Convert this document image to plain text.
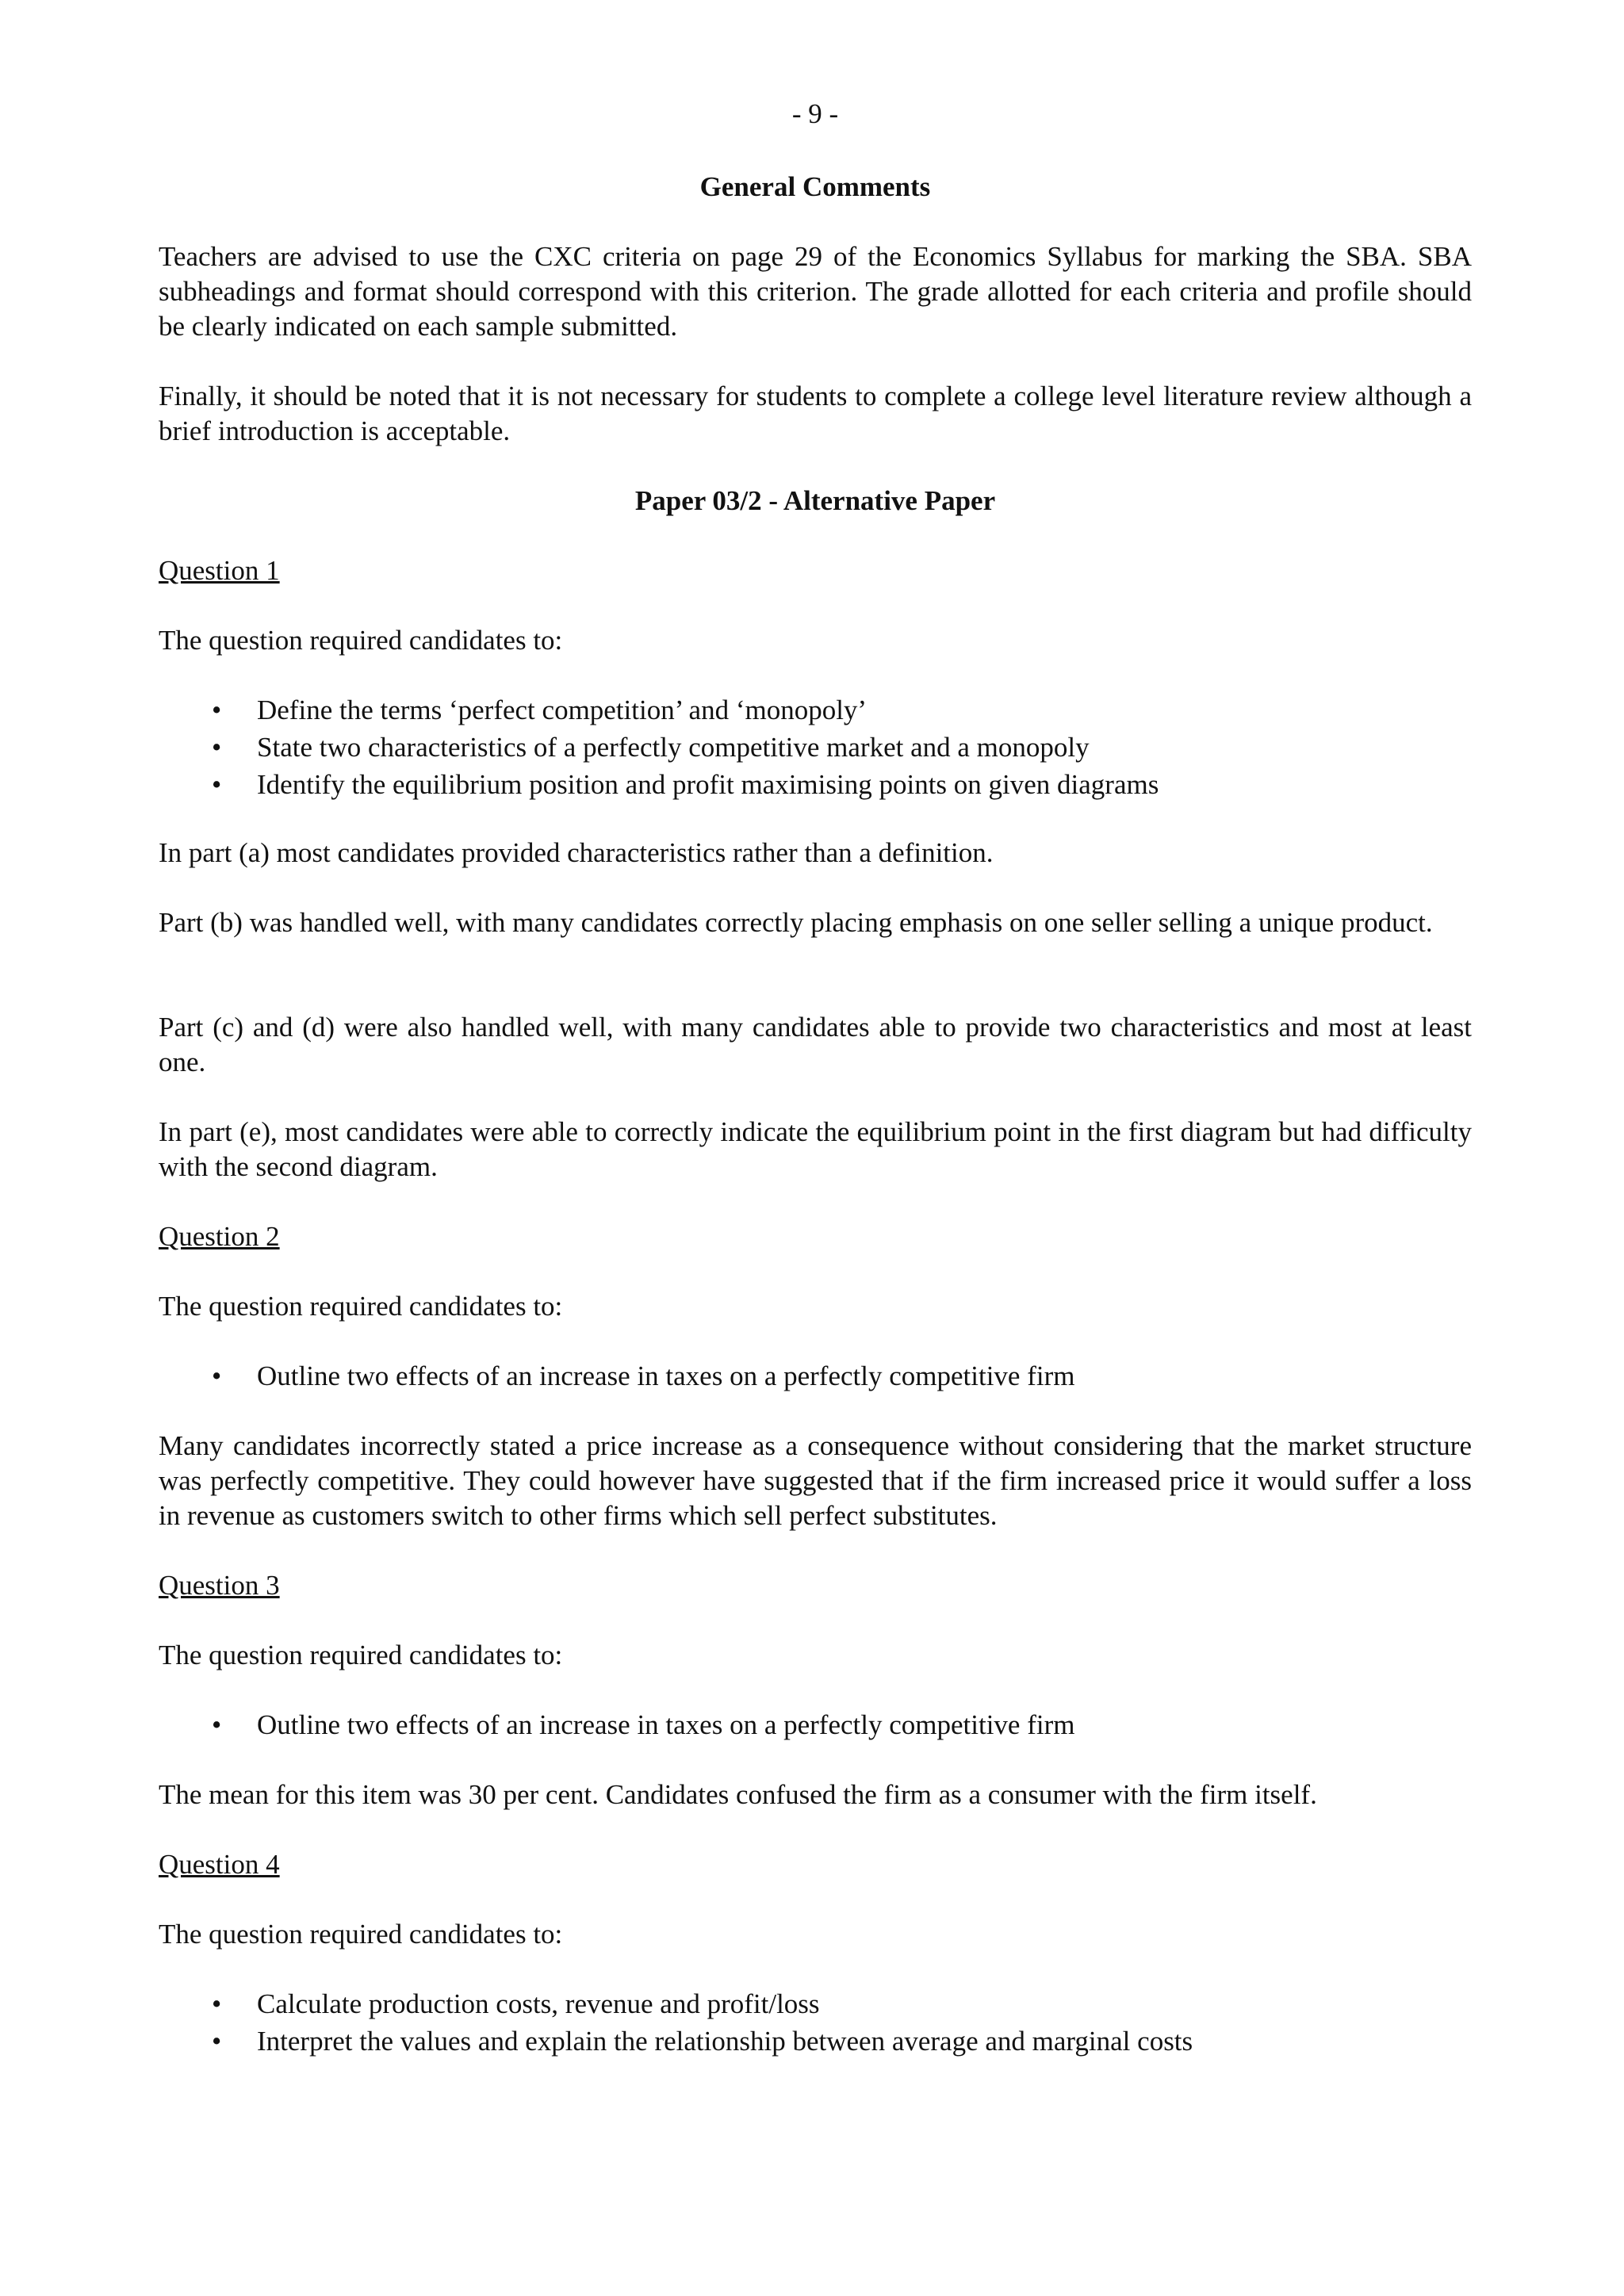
- 9 -
General Comments

Teachers are advised to use the CXC criteria on page 29 of the Economics Syllabus for marking the SBA. SBA subheadings and format should correspond with this criterion. The grade allotted for each criteria and profile should be clearly indicated on each sample submitted.

Finally, it should be noted that it is not necessary for students to complete a college level literature review although a brief introduction is acceptable.

Paper 03/2 - Alternative Paper
Question 1

The question required candidates to:

• Define the terms ‘perfect competition’ and ‘monopoly’
• State two characteristics of a perfectly competitive market and a monopoly
• Identify the equilibrium position and profit maximising points on given diagrams

In part (a) most candidates provided characteristics rather than a definition.

Part (b) was handled well, with many candidates correctly placing emphasis on one seller selling a unique product.

Part (c) and (d) were also handled well, with many candidates able to provide two characteristics and most at least one.

In part (e), most candidates were able to correctly indicate the equilibrium point in the first diagram but had difficulty with the second diagram.

Question 2

The question required candidates to:

• Outline two effects of an increase in taxes on a perfectly competitive firm

Many candidates incorrectly stated a price increase as a consequence without considering that the market structure was perfectly competitive. They could however have suggested that if the firm increased price it would suffer a loss in revenue as customers switch to other firms which sell perfect substitutes.

Question 3

The question required candidates to:

• Outline two effects of an increase in taxes on a perfectly competitive firm

The mean for this item was 30 per cent. Candidates confused the firm as a consumer with the firm itself.

Question 4

The question required candidates to:

• Calculate production costs, revenue and profit/loss
• Interpret the values and explain the relationship between average and marginal costs
